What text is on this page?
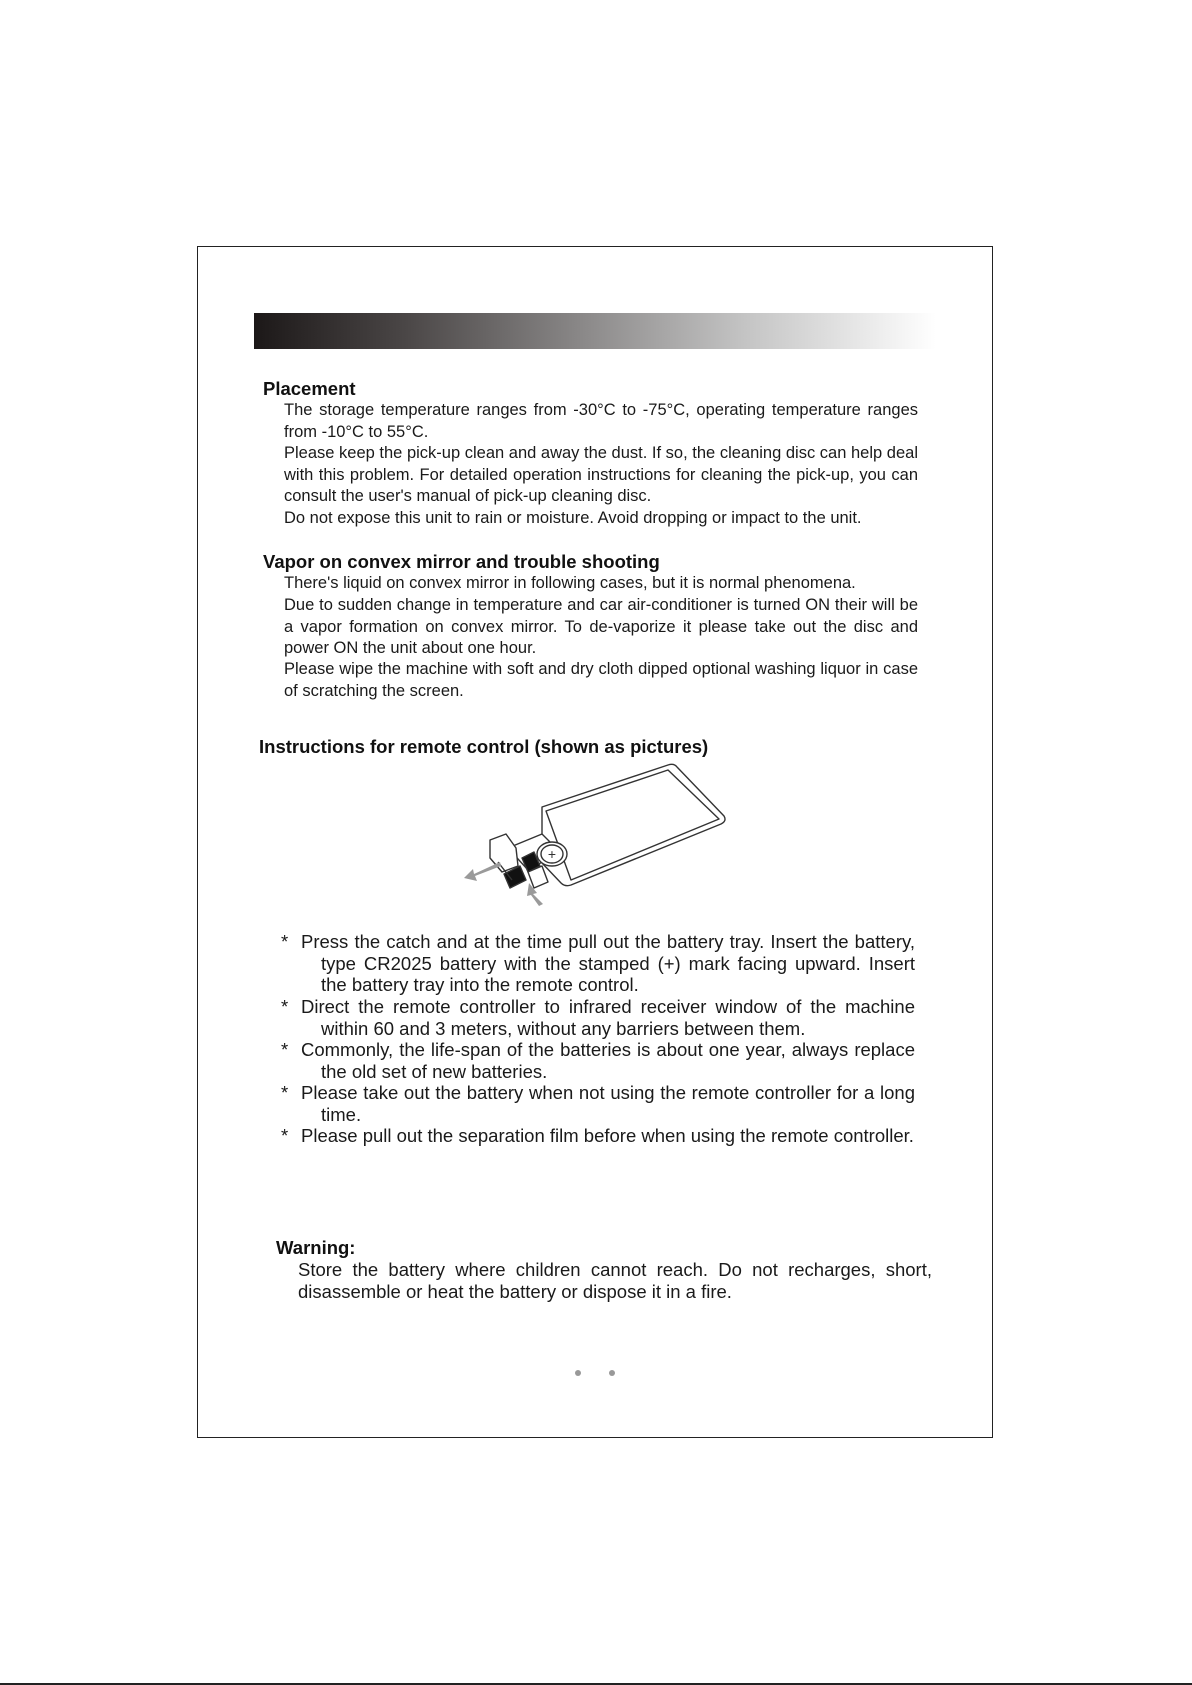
Placement

The storage temperature ranges from -30°C to -75°C, operating temperature ranges from -10°C to 55°C.

Please keep the pick-up clean and away the dust. If so, the cleaning disc can help deal with this problem. For detailed operation instructions for cleaning the pick-up, you can consult the user's manual of pick-up cleaning disc.

Do not expose this unit to rain or moisture. Avoid dropping or impact to the unit.

Vapor on convex mirror and trouble shooting

There's liquid on convex mirror in following cases, but it is normal phenomena.

Due to sudden change in temperature and car air-conditioner is turned ON their will be a vapor formation on convex mirror. To de-vaporize it please take out the disc and power ON the unit about one hour.

Please wipe the machine with soft and dry cloth dipped optional washing liquor in case of scratching the screen.

Instructions for remote control (shown as pictures)
+
* Press the catch and at the time pull out the battery tray. Insert the battery, type CR2025 battery with the stamped (+) mark facing upward. Insert the battery tray into the remote control.
* Direct the remote controller to infrared receiver window of the machine within 60 and 3 meters, without any barriers between them.
* Commonly, the life-span of the batteries is about one year, always replace the old set of new batteries.
* Please take out the battery when not using the remote controller for a long time.
* Please pull out the separation film before when using the remote controller.
Warning:

Store the battery where children cannot reach. Do not recharges, short, disassemble or heat the battery or dispose it in a fire.
